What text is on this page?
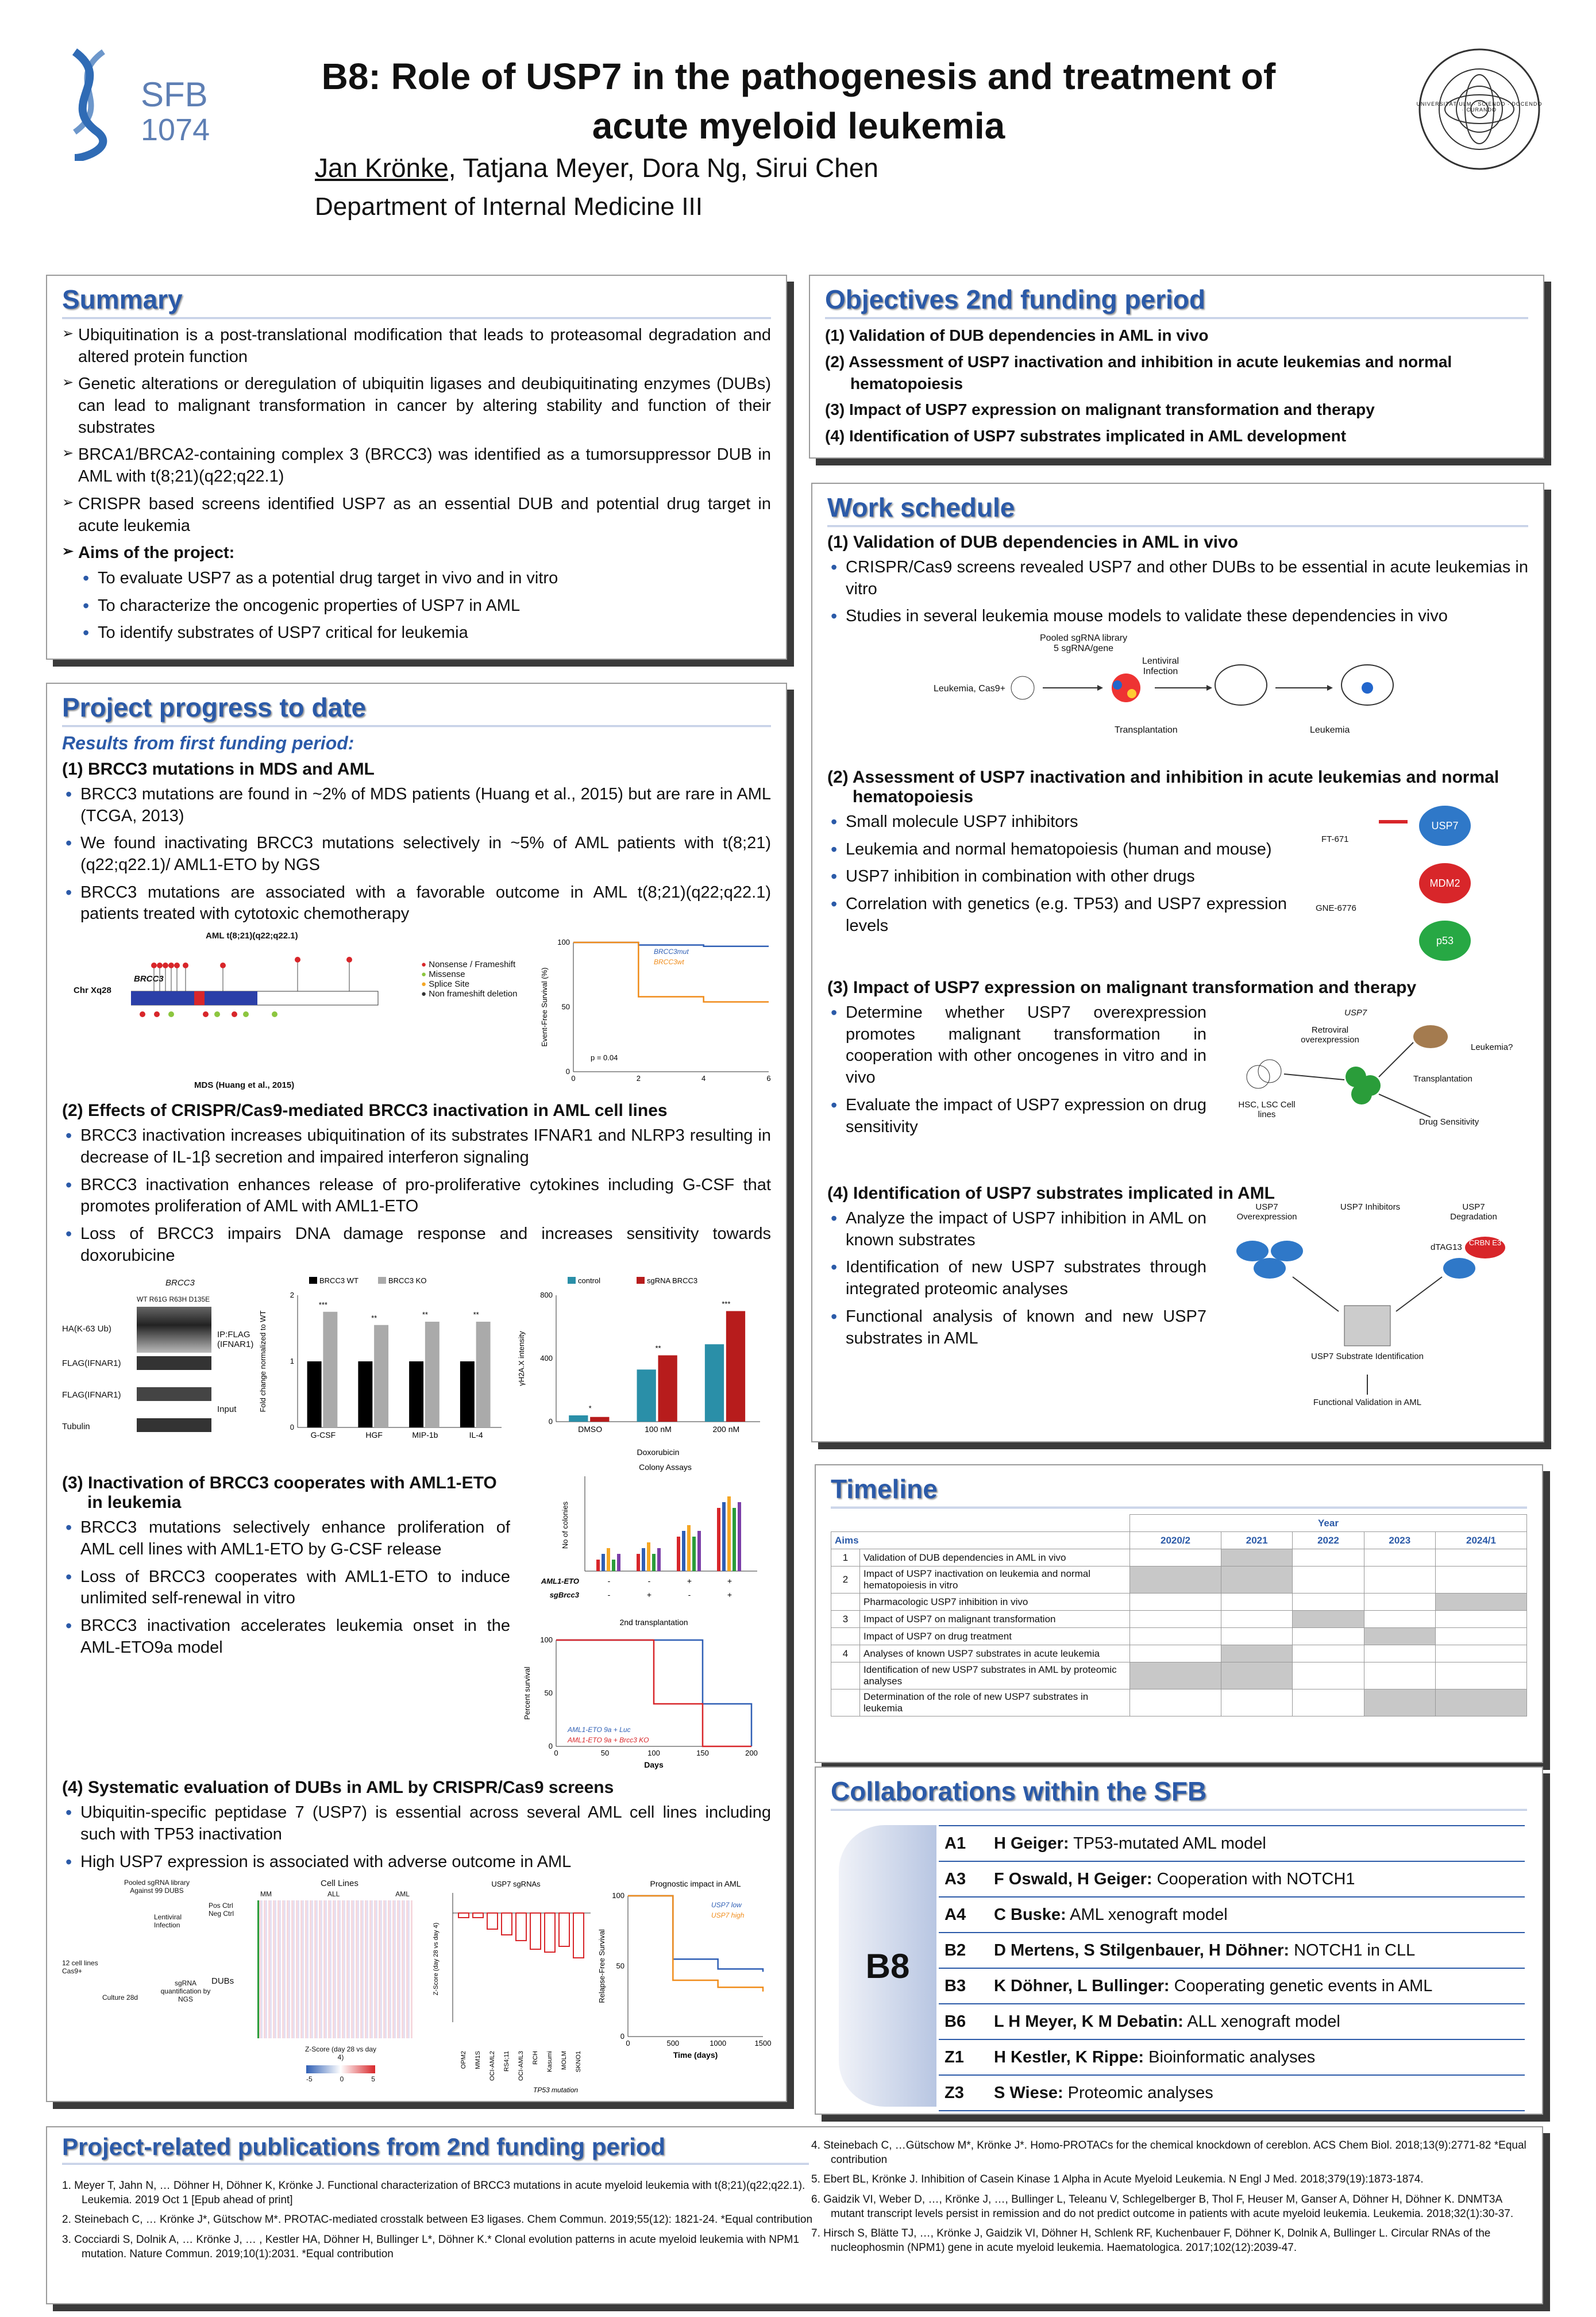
SFB
1074
B8: Role of USP7 in the pathogenesis and treatment of
acute myeloid leukemia
Jan Krönke, Tatjana Meyer, Dora Ng, Sirui Chen
Department of Internal Medicine III
UNIVERSITÄT ULM · SCIENDO · DOCENDO · CURANDO
Summary
➢ Ubiquitination is a post-translational modification that leads to proteasomal degradation and altered protein function
➢ Genetic alterations or deregulation of ubiquitin ligases and deubiquitinating enzymes (DUBs) can lead to malignant transformation in cancer by altering stability and function of their substrates
➢ BRCA1/BRCA2-containing complex 3 (BRCC3) was identified as a tumorsuppressor DUB in AML with t(8;21)(q22;q22.1)
➢ CRISPR based screens identified USP7 as an essential DUB and potential drug target in acute leukemia
➢ Aims of the project:
• To evaluate USP7 as a potential drug target in vivo and in vitro
• To characterize the oncogenic properties of USP7 in AML
• To identify substrates of USP7 critical for leukemia
Objectives 2nd funding period
(1) Validation of DUB dependencies in AML in vivo
(2) Assessment of USP7 inactivation and inhibition in acute leukemias and normal hematopoiesis
(3) Impact of USP7 expression on malignant transformation and therapy
(4) Identification of USP7 substrates implicated in AML development
Work schedule
(1) Validation of DUB dependencies in AML in vivo
• CRISPR/Cas9 screens revealed USP7 and other DUBs to be essential in acute leukemias in vitro
• Studies in several leukemia mouse models to validate these dependencies in vivo
Pooled sgRNA library
5 sgRNA/gene
Leukemia, Cas9+
Lentiviral Infection
Transplantation	Leukemia
(2) Assessment of USP7 inactivation and inhibition in acute leukemias and normal hematopoiesis
• Small molecule USP7 inhibitors
• Leukemia and normal hematopoiesis (human and mouse)
• USP7 inhibition in combination with other drugs
• Correlation with genetics (e.g. TP53) and USP7 expression levels
FT-671
GNE-6776
USP7
MDM2
p53
(3) Impact of USP7 expression on malignant transformation and therapy
• Determine whether USP7 overexpression promotes malignant transformation in cooperation with other oncogenes in vitro and in vivo
• Evaluate the impact of USP7 expression on drug sensitivity
USP7
Retroviral overexpression
Leukemia?
Transplantation
HSC, LSC Cell lines
Drug Sensitivity
(4) Identification of USP7 substrates implicated in AML
• Analyze the impact of USP7 inhibition in AML on known substrates
• Identification of new USP7 substrates through integrated proteomic analyses
• Functional analysis of known and new USP7 substrates in AML
USP7 Overexpression
USP7 Inhibitors	USP7 Degradation
dTAG13 CRBN E3
USP7 Substrate Identification
Functional Validation in AML
Project progress to date
Results from first funding period:
(1) BRCC3 mutations in MDS and AML
• BRCC3 mutations are found in ~2% of MDS patients (Huang et al., 2015) but are rare in AML (TCGA, 2013)
• We found inactivating BRCC3 mutations selectively in ~5% of AML patients with t(8;21)(q22;q22.1)/ AML1-ETO by NGS
• BRCC3 mutations are associated with a favorable outcome in AML t(8;21)(q22;q22.1) patients treated with cytotoxic chemotherapy
AML t(8;21)(q22;q22.1)
Chr Xq28
BRCC3
● Nonsense / Frameshift
● Missense
● Splice Site
● Non frameshift deletion
MDS (Huang et al., 2015)
0	2	4	6
0
50
100
Event-Free Survival (%)
BRCC3mut
BRCC3wt
p = 0.04
(2) Effects of CRISPR/Cas9-mediated BRCC3 inactivation in AML cell lines
• BRCC3 inactivation increases ubiquitination of its substrates IFNAR1 and NLRP3 resulting in decrease of IL-1β secretion and impaired interferon signaling
• BRCC3 inactivation enhances release of pro-proliferative cytokines including G-CSF that promotes proliferation of AML with AML1-ETO
• Loss of BRCC3 impairs DNA damage response and increases sensitivity towards doxorubicine
BRCC3
WT R61G R63H D135E
HA(K-63 Ub)
FLAG(IFNAR1)
FLAG(IFNAR1)
Tubulin
IP:FLAG (IFNAR1)
Input
0
1
2
BRCC3 WT	BRCC3 KO
G-CSF
***
HGF
**
MIP-1b
**
IL-4
**
Fold change normalized to WT
0
400
800
control	sgRNA BRCC3
DMSO
*
100 nM
**
200 nM
***
γH2A.X intensity
Doxorubicin
(3) Inactivation of BRCC3 cooperates with AML1-ETO in leukemia
• BRCC3 mutations selectively enhance proliferation of AML cell lines with AML1-ETO by G-CSF release
• Loss of BRCC3 cooperates with AML1-ETO to induce unlimited self-renewal in vitro
• BRCC3 inactivation accelerates leukemia onset in the AML-ETO9a model
Colony Assays
No of colonies
-
-
-
+
+
-
+
+
AML1-ETO
sgBrcc3
0	50	100	150	200
0
50
100
2nd transplantation
Days
Percent survival
AML1-ETO 9a + Luc
AML1-ETO 9a + Brcc3 KO
(4) Systematic evaluation of DUBs in AML by CRISPR/Cas9 screens
• Ubiquitin-specific peptidase 7 (USP7) is essential across several AML cell lines including such with TP53 inactivation
• High USP7 expression is associated with adverse outcome in AML
Pooled sgRNA library Against 99 DUBS
Lentiviral Infection
12 cell lines Cas9+
Culture 28d
sgRNA quantification by NGS
DUBs
Pos Ctrl
Neg Ctrl
Cell Lines
MM	ALL	AML
Z-Score (day 28 vs day 4)
-5	0	5
USP7 sgRNAs
Z-Score (day 28 vs day 4)
OPM2 MM1S OCI-AML2 RS4;11 OCI-AML3 RCH Kasumi MOLM SKNO1
TP53 mutation
0	500	1000	1500
0
50
100
Prognostic impact in AML
Time (days)
Relapse-Free Survival
USP7 low
USP7 high
Timeline
		Year				
Aims		2020/2	2021	2022	2023	2024/1
1	Validation of DUB dependencies in AML in vivo					
2	Impact of USP7 inactivation on leukemia and normal hematopoiesis in vitro					
	Pharmacologic USP7 inhibition in vivo					
3	Impact of USP7 on malignant transformation					
	Impact of USP7 on drug treatment					
4	Analyses of known USP7 substrates in acute leukemia					
	Identification of new USP7 substrates in AML by proteomic analyses					
	Determination of the role of new USP7 substrates in leukemia					
Collaborations within the SFB
B8
A1	H Geiger: TP53-mutated AML model
A3	F Oswald, H Geiger: Cooperation with NOTCH1
A4	C Buske: AML xenograft model
B2	D Mertens, S Stilgenbauer, H Döhner: NOTCH1 in CLL
B3	K Döhner, L Bullinger: Cooperating genetic events in AML
B6	L H Meyer, K M Debatin: ALL xenograft model
Z1	H Kestler, K Rippe: Bioinformatic analyses
Z3	S Wiese: Proteomic analyses
Project-related publications from 2nd funding period
1. Meyer T, Jahn N, … Döhner H, Döhner K, Krönke J. Functional characterization of BRCC3 mutations in acute myeloid leukemia with t(8;21)(q22;q22.1). Leukemia. 2019 Oct 1 [Epub ahead of print]
2. Steinebach C, … Krönke J*, Gütschow M*. PROTAC-mediated crosstalk between E3 ligases. Chem Commun. 2019;55(12): 1821-24. *Equal contribution
3. Cocciardi S, Dolnik A, … Krönke J, … , Kestler HA, Döhner H, Bullinger L*, Döhner K.* Clonal evolution patterns in acute myeloid leukemia with NPM1 mutation. Nature Commun. 2019;10(1):2031. *Equal contribution
4. Steinebach C, …Gütschow M*, Krönke J*. Homo-PROTACs for the chemical knockdown of cereblon. ACS Chem Biol. 2018;13(9):2771-82 *Equal contribution
5. Ebert BL, Krönke J. Inhibition of Casein Kinase 1 Alpha in Acute Myeloid Leukemia. N Engl J Med. 2018;379(19):1873-1874.
6. Gaidzik VI, Weber D, …, Krönke J, …, Bullinger L, Teleanu V, Schlegelberger B, Thol F, Heuser M, Ganser A, Döhner H, Döhner K. DNMT3A mutant transcript levels persist in remission and do not predict outcome in patients with acute myeloid leukemia. Leukemia. 2018;32(1):30-37.
7. Hirsch S, Blätte TJ, …, Krönke J, Gaidzik VI, Döhner H, Schlenk RF, Kuchenbauer F, Döhner K, Dolnik A, Bullinger L. Circular RNAs of the nucleophosmin (NPM1) gene in acute myeloid leukemia. Haematologica. 2017;102(12):2039-47.
